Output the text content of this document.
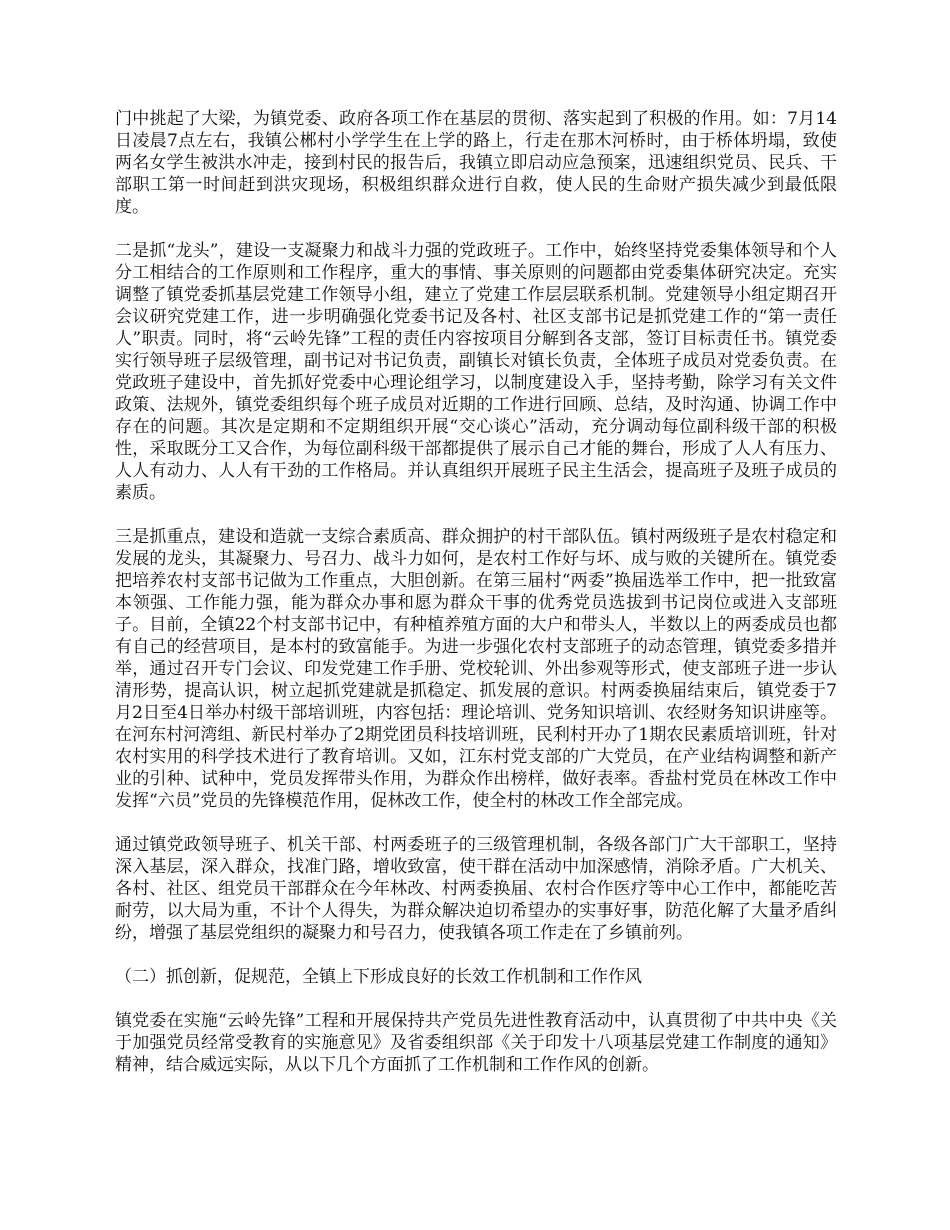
门中挑起了大梁，为镇党委、政府各项工作在基层的贯彻、落实起到了积极的作用。如：7月14日凌晨7点左右，我镇公郴村小学学生在上学的路上，行走在那木河桥时，由于桥体坍塌，致使两名女学生被洪水冲走，接到村民的报告后，我镇立即启动应急预案，迅速组织党员、民兵、干部职工第一时间赶到洪灾现场，积极组织群众进行自救，使人民的生命财产损失减少到最低限度。

二是抓“龙头”，建设一支凝聚力和战斗力强的党政班子。工作中，始终坚持党委集体领导和个人分工相结合的工作原则和工作程序，重大的事情、事关原则的问题都由党委集体研究决定。充实调整了镇党委抓基层党建工作领导小组，建立了党建工作层层联系机制。党建领导小组定期召开会议研究党建工作，进一步明确强化党委书记及各村、社区支部书记是抓党建工作的“第一责任人”职责。同时，将“云岭先锋”工程的责任内容按项目分解到各支部，签订目标责任书。镇党委实行领导班子层级管理，副书记对书记负责，副镇长对镇长负责，全体班子成员对党委负责。在党政班子建设中，首先抓好党委中心理论组学习，以制度建设入手，坚持考勤，除学习有关文件政策、法规外，镇党委组织每个班子成员对近期的工作进行回顾、总结，及时沟通、协调工作中存在的问题。其次是定期和不定期组织开展“交心谈心”活动，充分调动每位副科级干部的积极性，采取既分工又合作，为每位副科级干部都提供了展示自己才能的舞台，形成了人人有压力、人人有动力、人人有干劲的工作格局。并认真组织开展班子民主生活会，提高班子及班子成员的素质。

三是抓重点，建设和造就一支综合素质高、群众拥护的村干部队伍。镇村两级班子是农村稳定和发展的龙头，其凝聚力、号召力、战斗力如何，是农村工作好与坏、成与败的关键所在。镇党委把培养农村支部书记做为工作重点，大胆创新。在第三届村“两委”换届选举工作中，把一批致富本领强、工作能力强，能为群众办事和愿为群众干事的优秀党员选拔到书记岗位或进入支部班子。目前，全镇22个村支部书记中，有种植养殖方面的大户和带头人，半数以上的两委成员也都有自己的经营项目，是本村的致富能手。为进一步强化农村支部班子的动态管理，镇党委多措并举，通过召开专门会议、印发党建工作手册、党校轮训、外出参观等形式，使支部班子进一步认清形势，提高认识，树立起抓党建就是抓稳定、抓发展的意识。村两委换届结束后，镇党委于7月2日至4日举办村级干部培训班，内容包括：理论培训、党务知识培训、农经财务知识讲座等。在河东村河湾组、新民村举办了2期党团员科技培训班，民利村开办了1期农民素质培训班，针对农村实用的科学技术进行了教育培训。又如，江东村党支部的广大党员，在产业结构调整和新产业的引种、试种中，党员发挥带头作用，为群众作出榜样，做好表率。香盐村党员在林改工作中发挥“六员”党员的先锋模范作用，促林改工作，使全村的林改工作全部完成。

通过镇党政领导班子、机关干部、村两委班子的三级管理机制，各级各部门广大干部职工，坚持深入基层，深入群众，找准门路，增收致富，使干群在活动中加深感情，消除矛盾。广大机关、各村、社区、组党员干部群众在今年林改、村两委换届、农村合作医疗等中心工作中，都能吃苦耐劳，以大局为重，不计个人得失，为群众解决迫切希望办的实事好事，防范化解了大量矛盾纠纷，增强了基层党组织的凝聚力和号召力，使我镇各项工作走在了乡镇前列。

（二）抓创新，促规范，全镇上下形成良好的长效工作机制和工作作风

镇党委在实施“云岭先锋”工程和开展保持共产党员先进性教育活动中，认真贯彻了中共中央《关于加强党员经常受教育的实施意见》及省委组织部《关于印发十八项基层党建工作制度的通知》精神，结合威远实际，从以下几个方面抓了工作机制和工作作风的创新。
